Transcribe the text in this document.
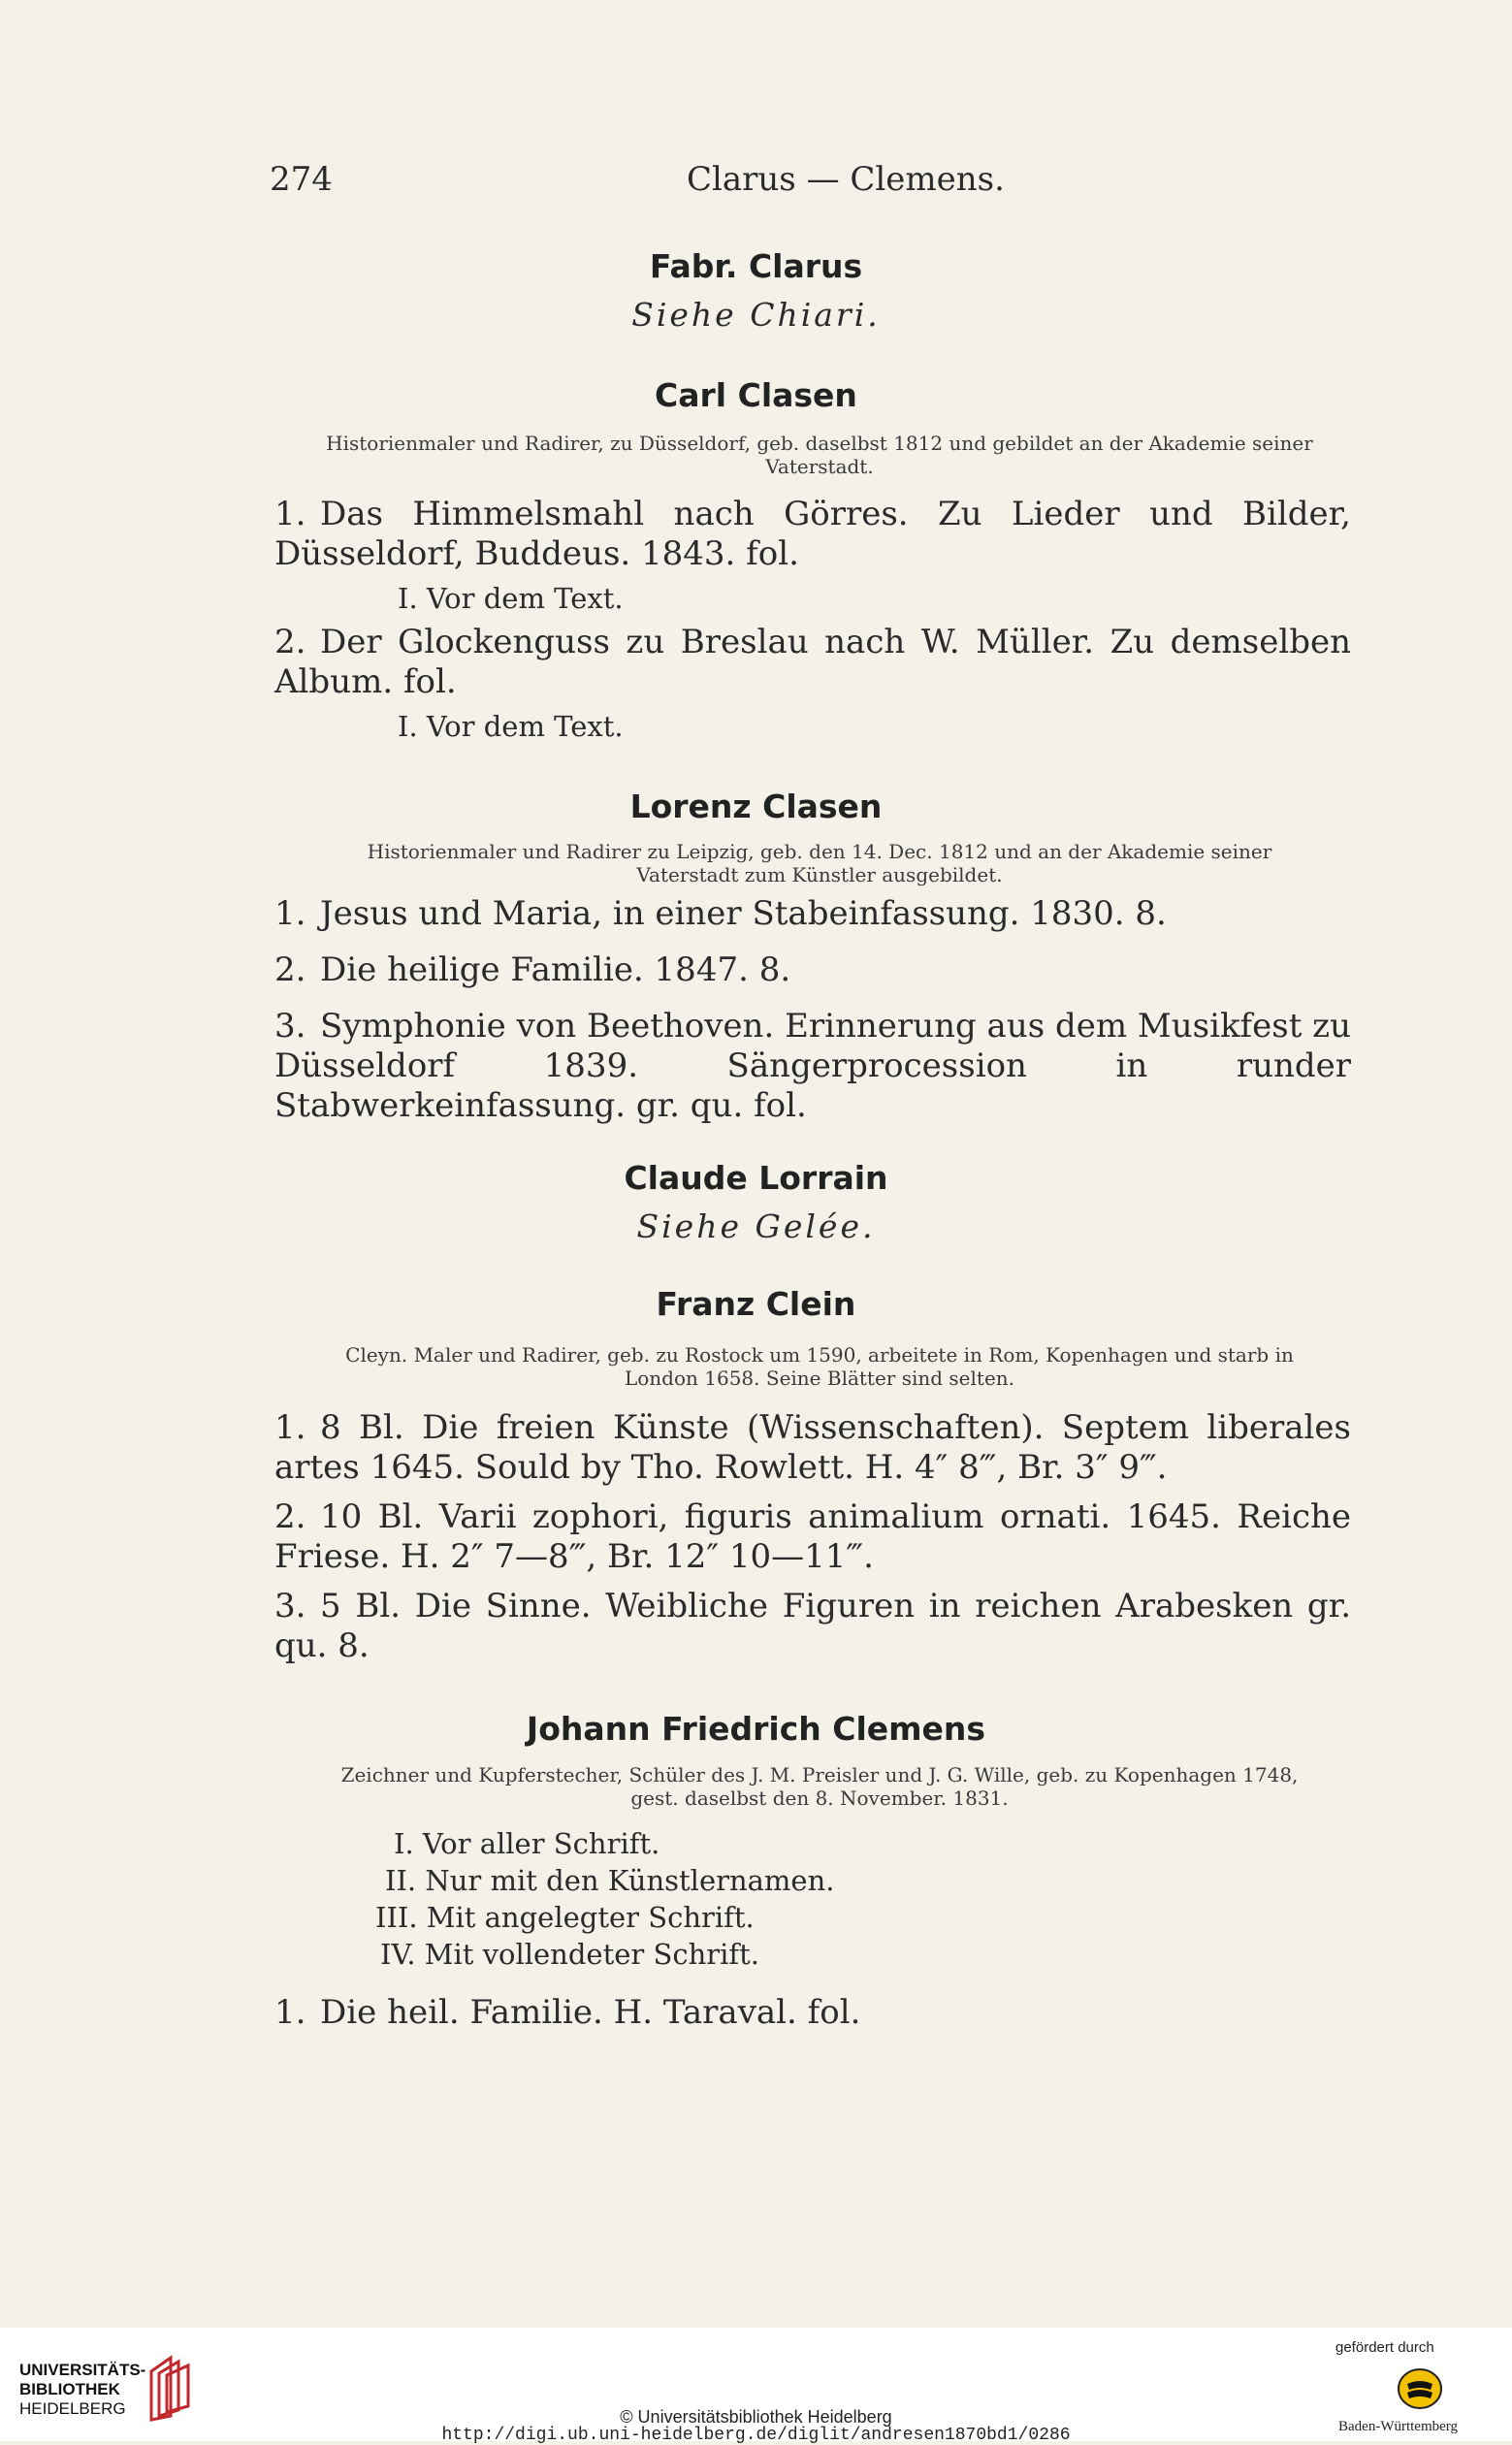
274	Clarus — Clemens.
Fabr. Clarus
Siehe Chiari.
Carl Clasen
Historienmaler und Radirer, zu Düsseldorf, geb. daselbst 1812 und gebildet an der Akademie seiner Vaterstadt.
1. Das Himmelsmahl nach Görres. Zu Lieder und Bilder, Düsseldorf, Buddeus. 1843. fol.
I. Vor dem Text.
2. Der Glockenguss zu Breslau nach W. Müller. Zu demselben Album. fol.
I. Vor dem Text.
Lorenz Clasen
Historienmaler und Radirer zu Leipzig, geb. den 14. Dec. 1812 und an der Akademie seiner Vaterstadt zum Künstler ausgebildet.
1. Jesus und Maria, in einer Stabeinfassung. 1830. 8.
2. Die heilige Familie. 1847. 8.
3. Symphonie von Beethoven. Erinnerung aus dem Musikfest zu Düsseldorf 1839. Sängerprocession in runder Stabwerkeinfassung. gr. qu. fol.
Claude Lorrain
Siehe Gelée.
Franz Clein
Cleyn. Maler und Radirer, geb. zu Rostock um 1590, arbeitete in Rom, Kopenhagen und starb in London 1658. Seine Blätter sind selten.
1. 8 Bl. Die freien Künste (Wissenschaften). Septem liberales artes 1645. Sould by Tho. Rowlett. H. 4″ 8‴, Br. 3″ 9‴.
2. 10 Bl. Varii zophori, figuris animalium ornati. 1645. Reiche Friese. H. 2″ 7—8‴, Br. 12″ 10—11‴.
3. 5 Bl. Die Sinne. Weibliche Figuren in reichen Arabesken gr. qu. 8.
Johann Friedrich Clemens
Zeichner und Kupferstecher, Schüler des J. M. Preisler und J. G. Wille, geb. zu Kopenhagen 1748, gest. daselbst den 8. November. 1831.
I. Vor aller Schrift.
II. Nur mit den Künstlernamen.
III. Mit angelegter Schrift.
IV. Mit vollendeter Schrift.
1. Die heil. Familie. H. Taraval. fol.
UNIVERSITÄTS-
BIBLIOTHEK
HEIDELBERG	© Universitätsbibliothek Heidelberg
http://digi.ub.uni-heidelberg.de/diglit/andresen1870bd1/0286
gefördert durch
Baden-Württemberg
